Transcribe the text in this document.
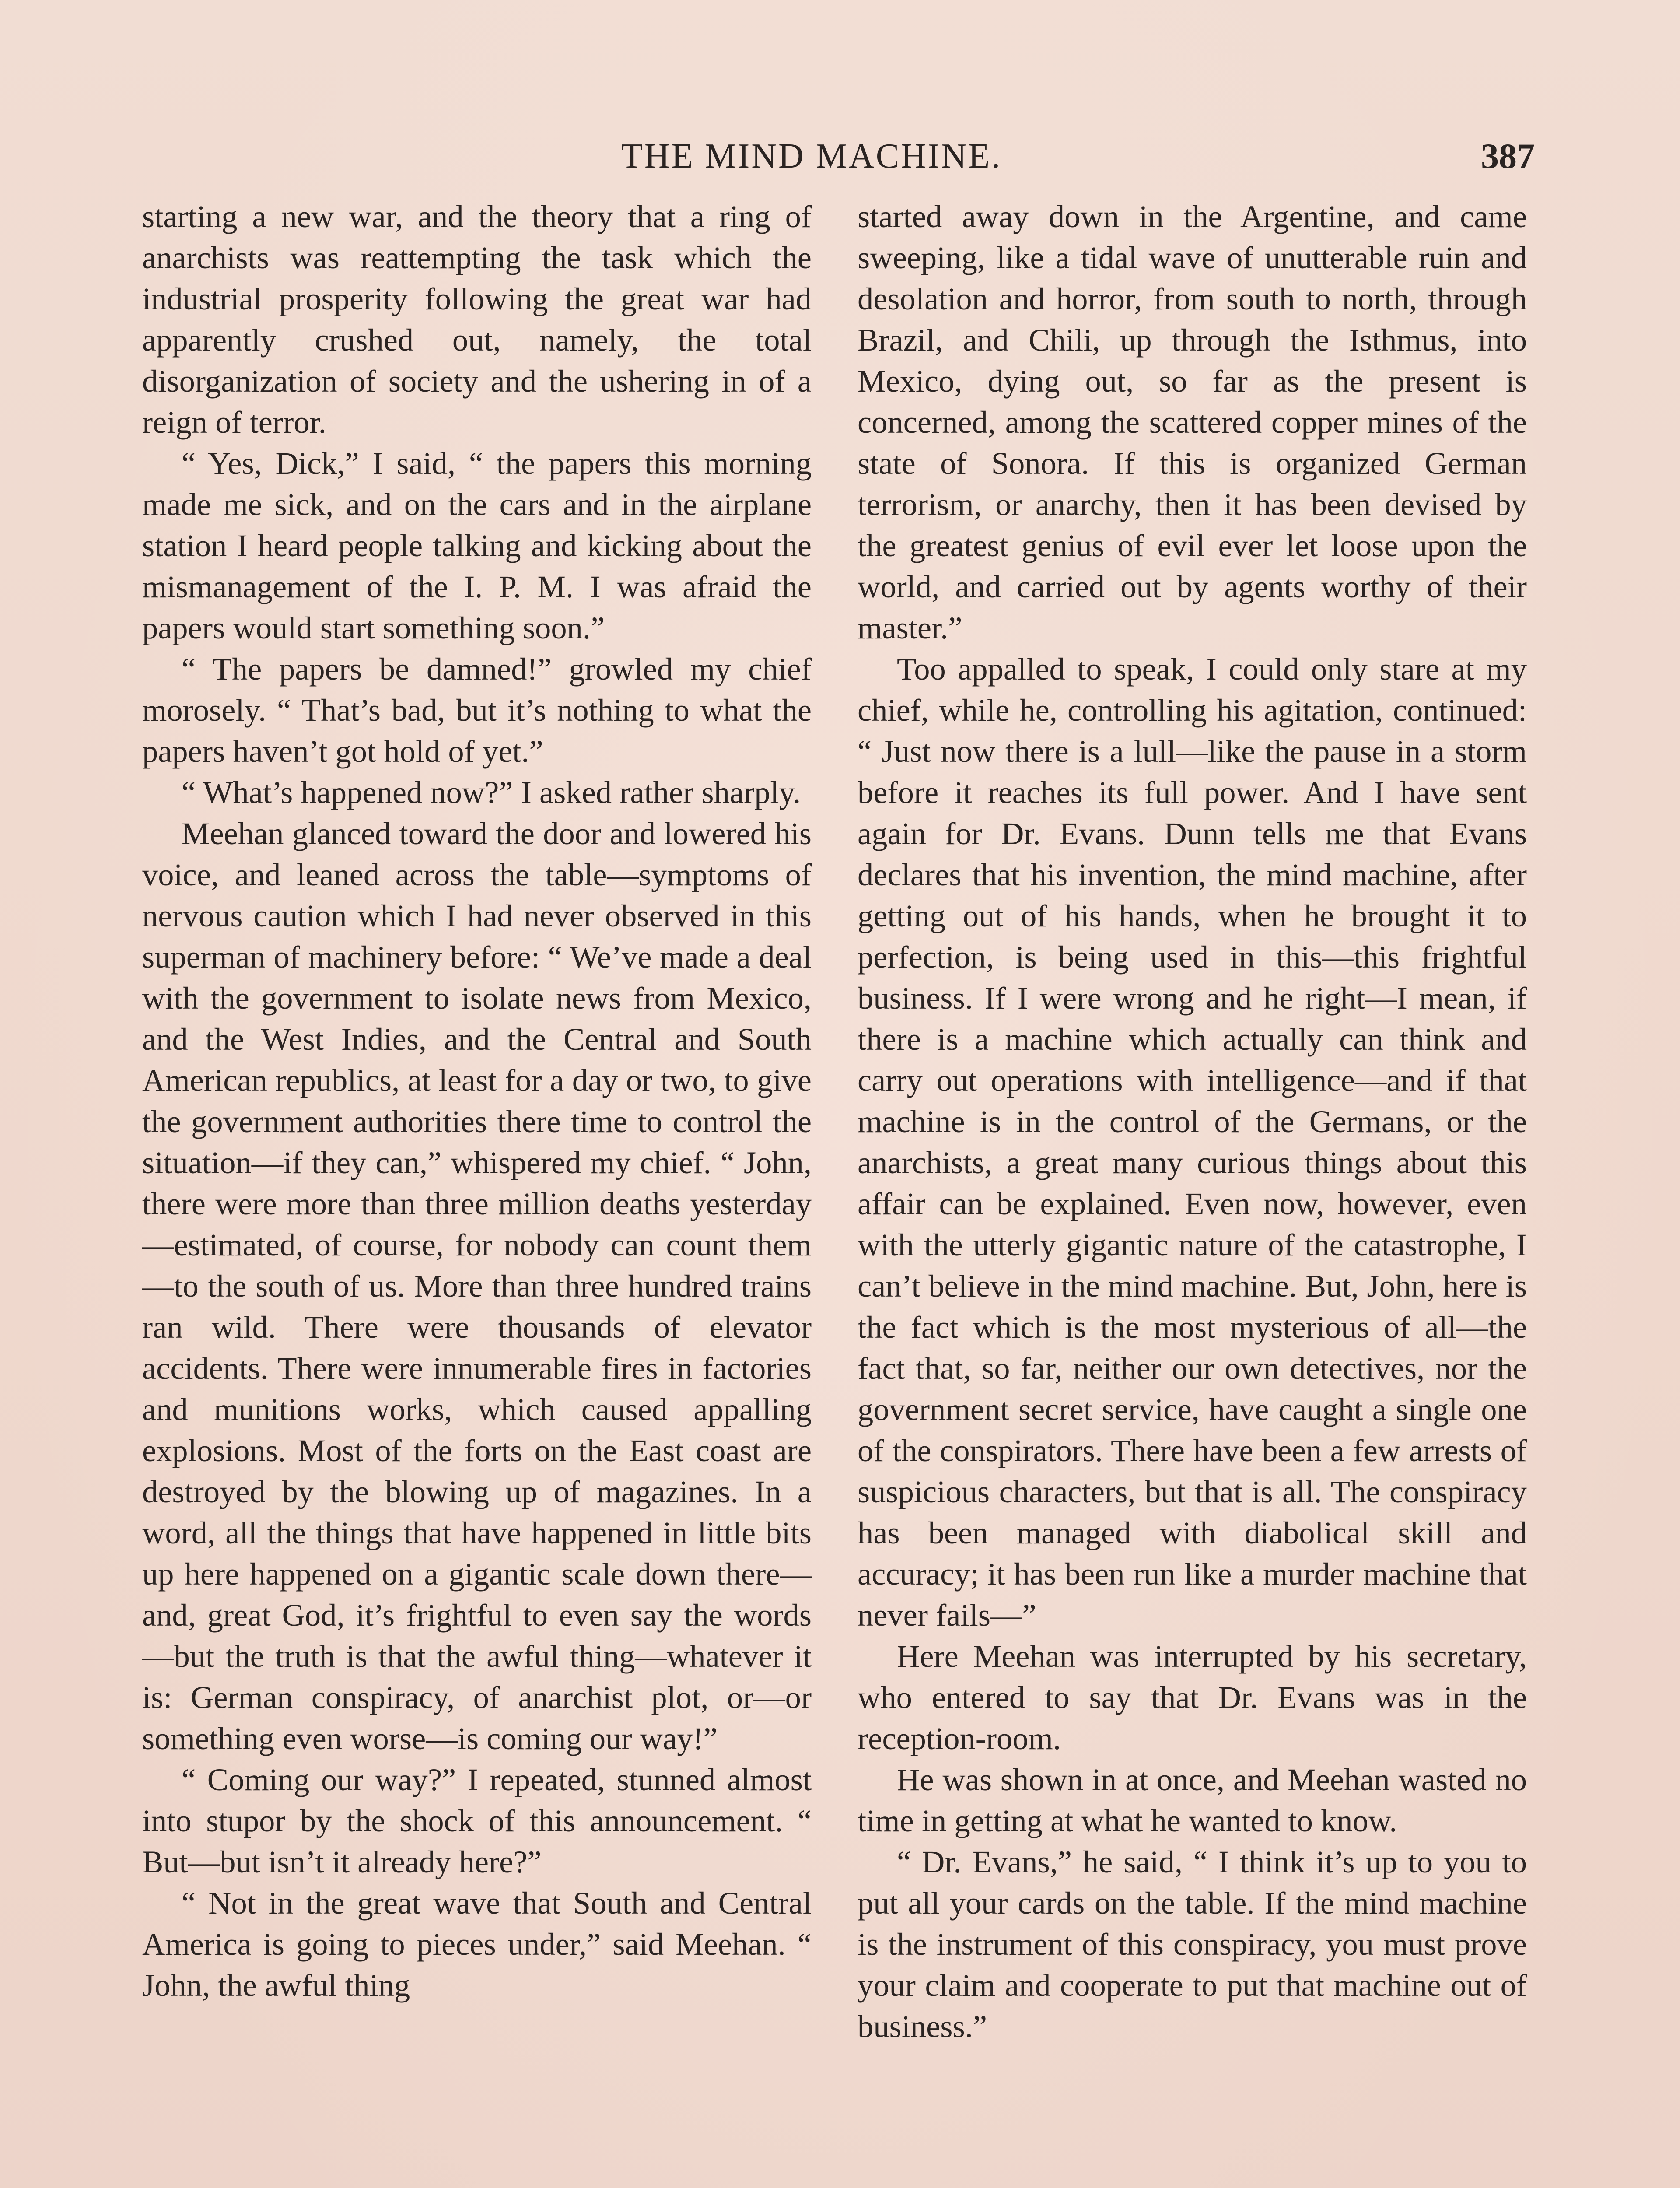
THE MIND MACHINE.	387

starting a new war, and the theory that a ring of anarchists was reattempting the task which the industrial prosperity following the great war had apparently crushed out, namely, the total disorganization of society and the ushering in of a reign of terror.

“ Yes, Dick,” I said, “ the papers this morning made me sick, and on the cars and in the airplane station I heard people talking and kicking about the mismanagement of the I. P. M. I was afraid the papers would start something soon.”

“ The papers be damned!” growled my chief morosely. “ That’s bad, but it’s nothing to what the papers haven’t got hold of yet.”

“ What’s happened now?” I asked rather sharply.

Meehan glanced toward the door and lowered his voice, and leaned across the table—symptoms of nervous caution which I had never observed in this superman of machinery before: “ We’ve made a deal with the government to isolate news from Mexico, and the West Indies, and the Central and South American republics, at least for a day or two, to give the government authorities there time to control the situation—if they can,” whispered my chief. “ John, there were more than three million deaths yesterday—estimated, of course, for nobody can count them—to the south of us. More than three hundred trains ran wild. There were thousands of elevator accidents. There were innumerable fires in factories and munitions works, which caused appalling explosions. Most of the forts on the East coast are destroyed by the blowing up of magazines. In a word, all the things that have happened in little bits up here happened on a gigantic scale down there—and, great God, it’s frightful to even say the words—but the truth is that the awful thing—whatever it is: German conspiracy, of anarchist plot, or—or something even worse—is coming our way!”

“ Coming our way?” I repeated, stunned almost into stupor by the shock of this announcement. “ But—but isn’t it already here?”

“ Not in the great wave that South and Central America is going to pieces under,” said Meehan. “ John, the awful thing

started away down in the Argentine, and came sweeping, like a tidal wave of unutterable ruin and desolation and horror, from south to north, through Brazil, and Chili, up through the Isthmus, into Mexico, dying out, so far as the present is concerned, among the scattered copper mines of the state of Sonora. If this is organized German terrorism, or anarchy, then it has been devised by the greatest genius of evil ever let loose upon the world, and carried out by agents worthy of their master.”

Too appalled to speak, I could only stare at my chief, while he, controlling his agitation, continued: “ Just now there is a lull—like the pause in a storm before it reaches its full power. And I have sent again for Dr. Evans. Dunn tells me that Evans declares that his invention, the mind machine, after getting out of his hands, when he brought it to perfection, is being used in this—this frightful business. If I were wrong and he right—I mean, if there is a machine which actually can think and carry out operations with intelligence—and if that machine is in the control of the Germans, or the anarchists, a great many curious things about this affair can be explained. Even now, however, even with the utterly gigantic nature of the catastrophe, I can’t believe in the mind machine. But, John, here is the fact which is the most mysterious of all—the fact that, so far, neither our own detectives, nor the government secret service, have caught a single one of the conspirators. There have been a few arrests of suspicious characters, but that is all. The conspiracy has been managed with diabolical skill and accuracy; it has been run like a murder machine that never fails—”

Here Meehan was interrupted by his secretary, who entered to say that Dr. Evans was in the reception-room.

He was shown in at once, and Meehan wasted no time in getting at what he wanted to know.

“ Dr. Evans,” he said, “ I think it’s up to you to put all your cards on the table. If the mind machine is the instrument of this conspiracy, you must prove your claim and cooperate to put that machine out of business.”
